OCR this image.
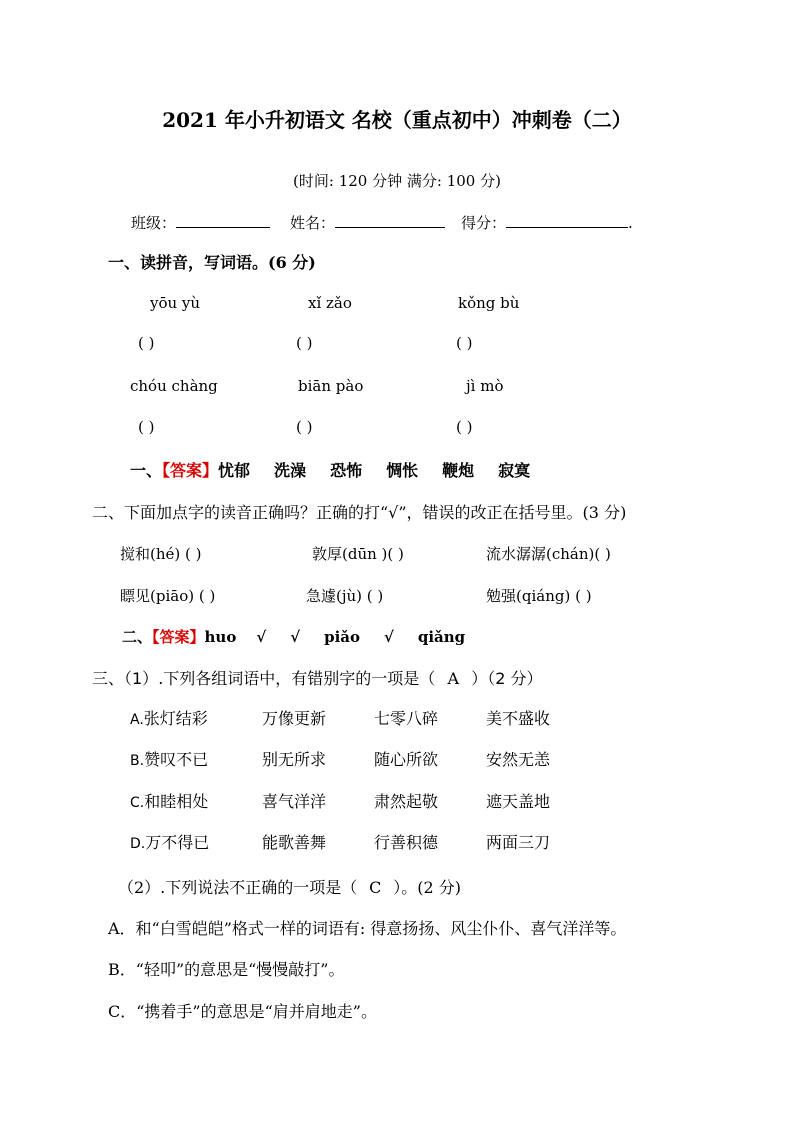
2021 年小升初语文 名校（重点初中）冲刺卷（二）
(时间: 120 分钟 满分: 100 分)
班级：	姓名：	得分：	.
一、读拼音，写词语。(6 分)
yōu yù	xǐ zǎo	kǒng bù
( )	( )	( )
chóu chàng	biān pào	jì mò
( )	( )	( )
一、【答案】忧郁 洗澡 恐怖 惆怅 鞭炮 寂寞
二、下面加点字的读音正确吗？正确的打“√”，错误的改正在括号里。(3 分)
搅和(hé) ( )	敦厚(dūn )( )	流水潺潺(chán)( )
瞟见(piāo) ( )	急遽(jù) ( )	勉强(qiáng) ( )
二、【答案】huo √ √ piǎo √ qiǎng
三、（1）.下列各组词语中，有错别字的一项是（ A ）（2 分）
A.张灯结彩	万像更新	七零八碎	美不盛收
B.赞叹不已	别无所求	随心所欲	安然无恙
C.和睦相处	喜气洋洋	肃然起敬	遮天盖地
D.万不得已	能歌善舞	行善积德	两面三刀
（2）.下列说法不正确的一项是（ C ）。(2 分)
A．和“白雪皑皑”格式一样的词语有: 得意扬扬、风尘仆仆、喜气洋洋等。
B．“轻叩”的意思是“慢慢敲打”。
C．“携着手”的意思是“肩并肩地走”。
